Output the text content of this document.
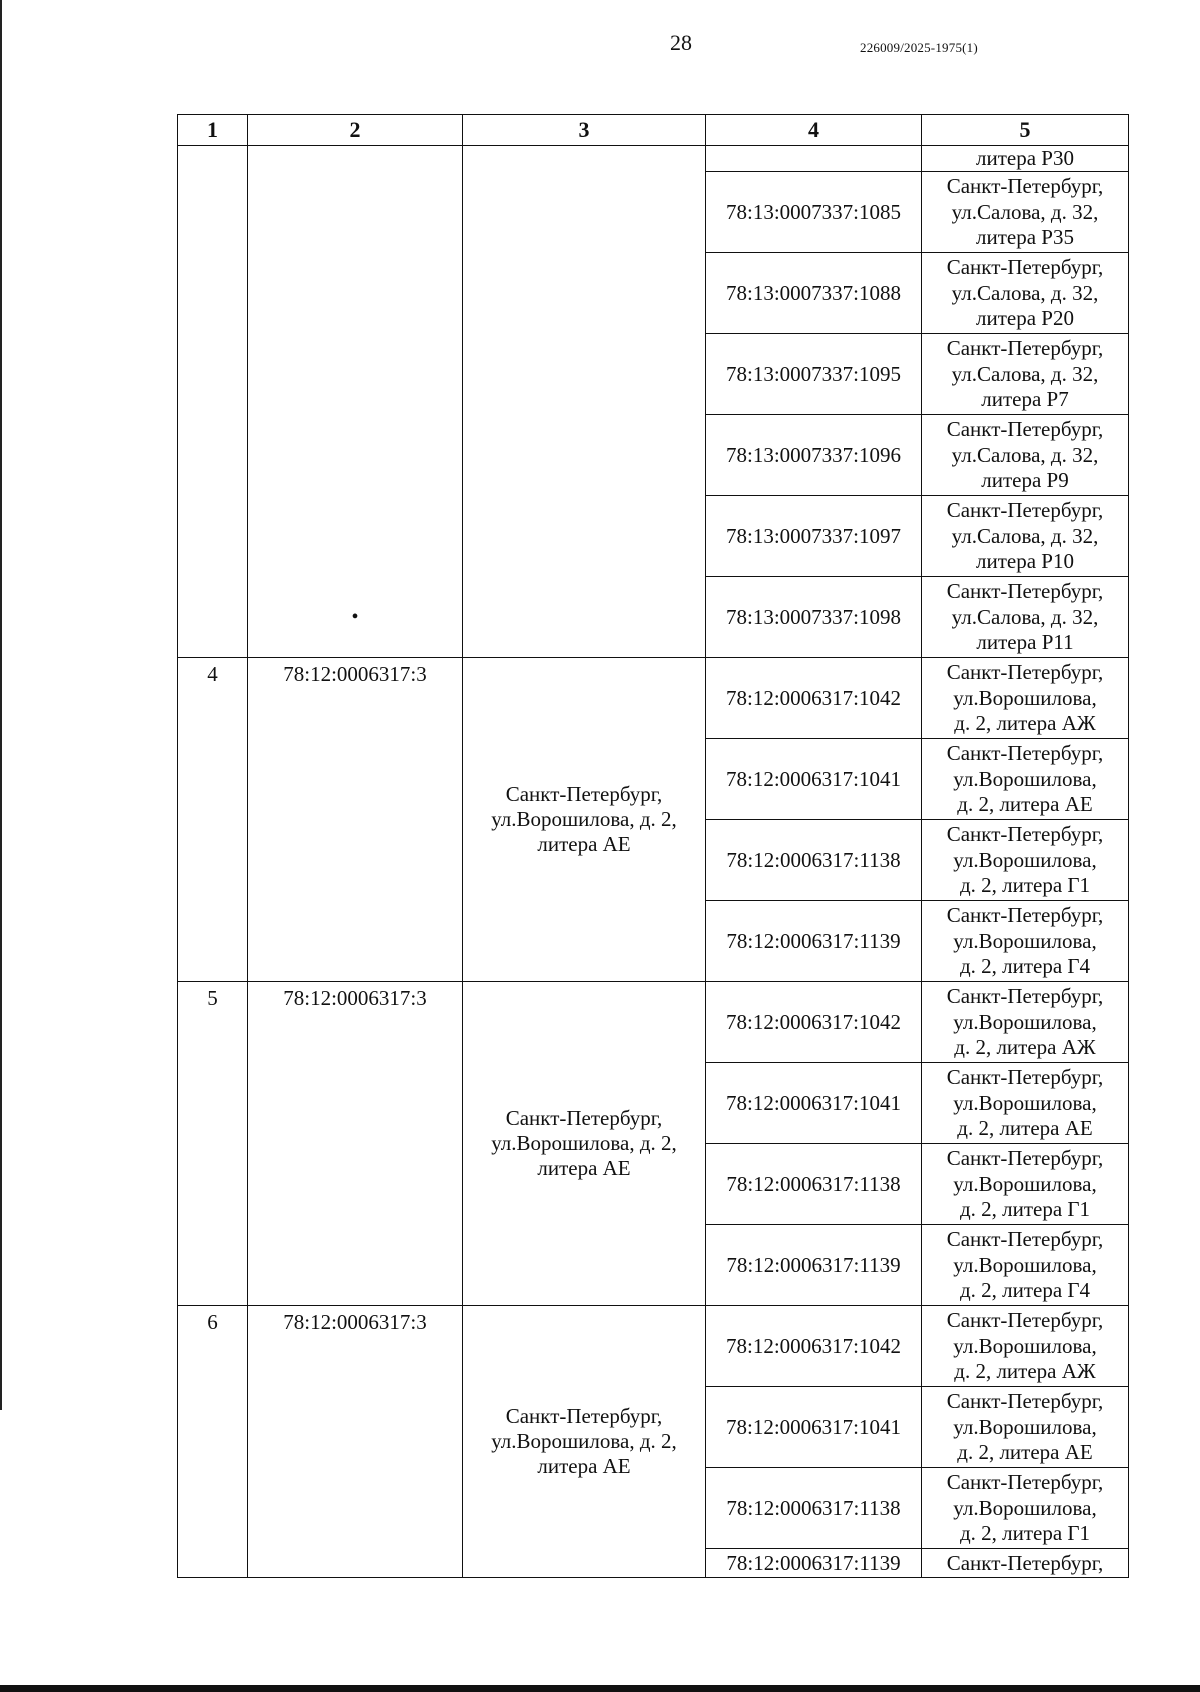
28	226009/2025-1975(1)
1	2	3	4	5
	•			литера Р30
			78:13:0007337:1085	Санкт-Петербург,
ул.Салова, д. 32,
литера Р35

			78:13:0007337:1088	Санкт-Петербург,
ул.Салова, д. 32,
литера Р20

			78:13:0007337:1095	Санкт-Петербург,
ул.Салова, д. 32,
литера Р7

			78:13:0007337:1096	Санкт-Петербург,
ул.Салова, д. 32,
литера Р9

			78:13:0007337:1097	Санкт-Петербург,
ул.Салова, д. 32,
литера Р10

			78:13:0007337:1098	Санкт-Петербург,
ул.Салова, д. 32,
литера Р11

4	78:12:0006317:3	Санкт-Петербург,
ул.Ворошилова, д. 2,
литера АЕ	78:12:0006317:1042	Санкт-Петербург,
ул.Ворошилова,
д. 2, литера АЖ

			78:12:0006317:1041	Санкт-Петербург,
ул.Ворошилова,
д. 2, литера АЕ

			78:12:0006317:1138	Санкт-Петербург,
ул.Ворошилова,
д. 2, литера Г1

			78:12:0006317:1139	Санкт-Петербург,
ул.Ворошилова,
д. 2, литера Г4

5	78:12:0006317:3	Санкт-Петербург,
ул.Ворошилова, д. 2,
литера АЕ	78:12:0006317:1042	Санкт-Петербург,
ул.Ворошилова,
д. 2, литера АЖ

			78:12:0006317:1041	Санкт-Петербург,
ул.Ворошилова,
д. 2, литера АЕ

			78:12:0006317:1138	Санкт-Петербург,
ул.Ворошилова,
д. 2, литера Г1

			78:12:0006317:1139	Санкт-Петербург,
ул.Ворошилова,
д. 2, литера Г4

6	78:12:0006317:3	Санкт-Петербург,
ул.Ворошилова, д. 2,
литера АЕ	78:12:0006317:1042	Санкт-Петербург,
ул.Ворошилова,
д. 2, литера АЖ

			78:12:0006317:1041	Санкт-Петербург,
ул.Ворошилова,
д. 2, литера АЕ

			78:12:0006317:1138	Санкт-Петербург,
ул.Ворошилова,
д. 2, литера Г1

			78:12:0006317:1139	Санкт-Петербург,
